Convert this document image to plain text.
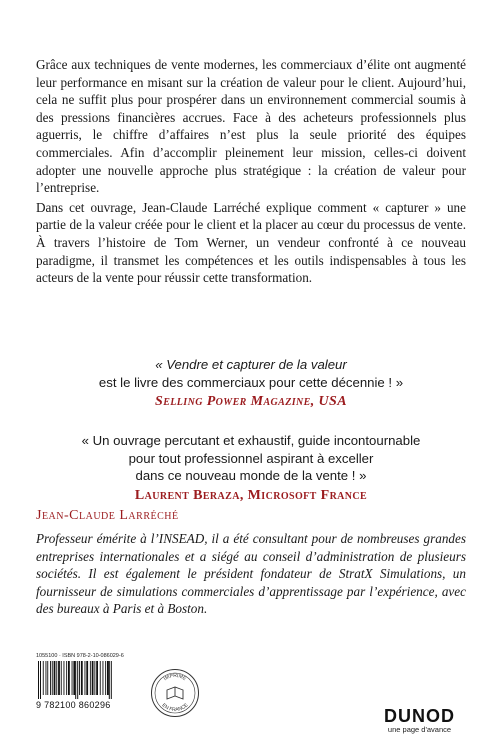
Grâce aux techniques de vente modernes, les commerciaux d’élite ont augmenté leur performance en misant sur la création de valeur pour le client. Aujourd’hui, cela ne suffit plus pour prospérer dans un environnement commercial soumis à des pressions financières accrues. Face à des acheteurs professionnels plus aguerris, le chiffre d’affaires n’est plus la seule priorité des équipes commerciales. Afin d’accomplir pleinement leur mission, celles-ci doivent adopter une nouvelle approche plus stratégique : la création de valeur pour l’entreprise.

Dans cet ouvrage, Jean-Claude Larréché explique comment « capturer » une partie de la valeur créée pour le client et la placer au cœur du processus de vente. À travers l’histoire de Tom Werner, un vendeur confronté à ce nouveau paradigme, il transmet les compétences et les outils indispensables à tous les acteurs de la vente pour réussir cette transformation.

« Vendre et capturer de la valeur
est le livre des commerciaux pour cette décennie ! »
Selling Power Magazine, USA
« Un ouvrage percutant et exhaustif, guide incontournable
pour tout professionnel aspirant à exceller
dans ce nouveau monde de la vente ! »
Laurent Beraza, Microsoft France
Jean-Claude Larréché

Professeur émérite à l’INSEAD, il a été consultant pour de nombreuses grandes entreprises internationales et a siégé au conseil d’administration de plusieurs sociétés. Il est également le président fondateur de StratX Simulations, un fournisseur de simulations commerciales d’apprentissage par l’expérience, avec des bureaux à Paris et à Boston.

1055100 · ISBN 978-2-10-086029-6
9 782100 860296
IMPRIMÉ
EN FRANCE
DUNOD
une page d'avance
